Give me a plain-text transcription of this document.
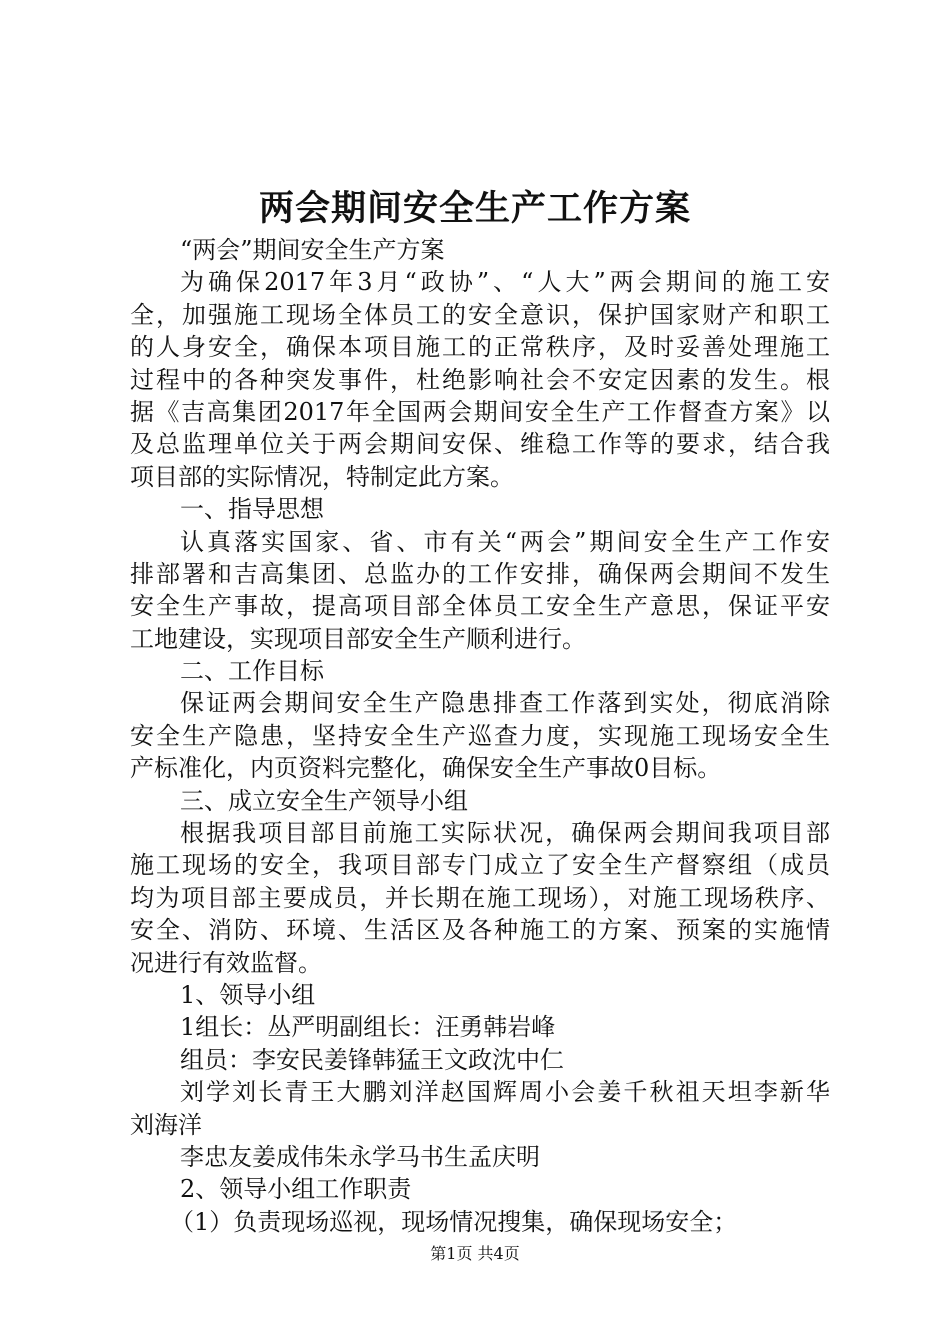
两会期间安全生产工作方案
“两会”期间安全生产方案
为确保2017年3月“政协”、“人大”两会期间的施工安
全，加强施工现场全体员工的安全意识，保护国家财产和职工
的人身安全，确保本项目施工的正常秩序，及时妥善处理施工
过程中的各种突发事件，杜绝影响社会不安定因素的发生。根
据《吉高集团2017年全国两会期间安全生产工作督查方案》以
及总监理单位关于两会期间安保、维稳工作等的要求，结合我
项目部的实际情况，特制定此方案。
一、指导思想
认真落实国家、省、市有关“两会”期间安全生产工作安
排部署和吉高集团、总监办的工作安排，确保两会期间不发生
安全生产事故，提高项目部全体员工安全生产意思，保证平安
工地建设，实现项目部安全生产顺利进行。
二、工作目标
保证两会期间安全生产隐患排查工作落到实处，彻底消除
安全生产隐患，坚持安全生产巡查力度，实现施工现场安全生
产标准化，内页资料完整化，确保安全生产事故0目标。
三、成立安全生产领导小组
根据我项目部目前施工实际状况，确保两会期间我项目部
施工现场的安全，我项目部专门成立了安全生产督察组（成员
均为项目部主要成员，并长期在施工现场），对施工现场秩序、
安全、消防、环境、生活区及各种施工的方案、预案的实施情
况进行有效监督。
1、领导小组
1组长：丛严明副组长：汪勇韩岩峰
组员：李安民姜锋韩猛王文政沈中仁
刘学刘长青王大鹏刘洋赵国辉周小会姜千秋祖天坦李新华
刘海洋
李忠友姜成伟朱永学马书生孟庆明
2、领导小组工作职责
（1）负责现场巡视，现场情况搜集，确保现场安全；
第1页 共4页
